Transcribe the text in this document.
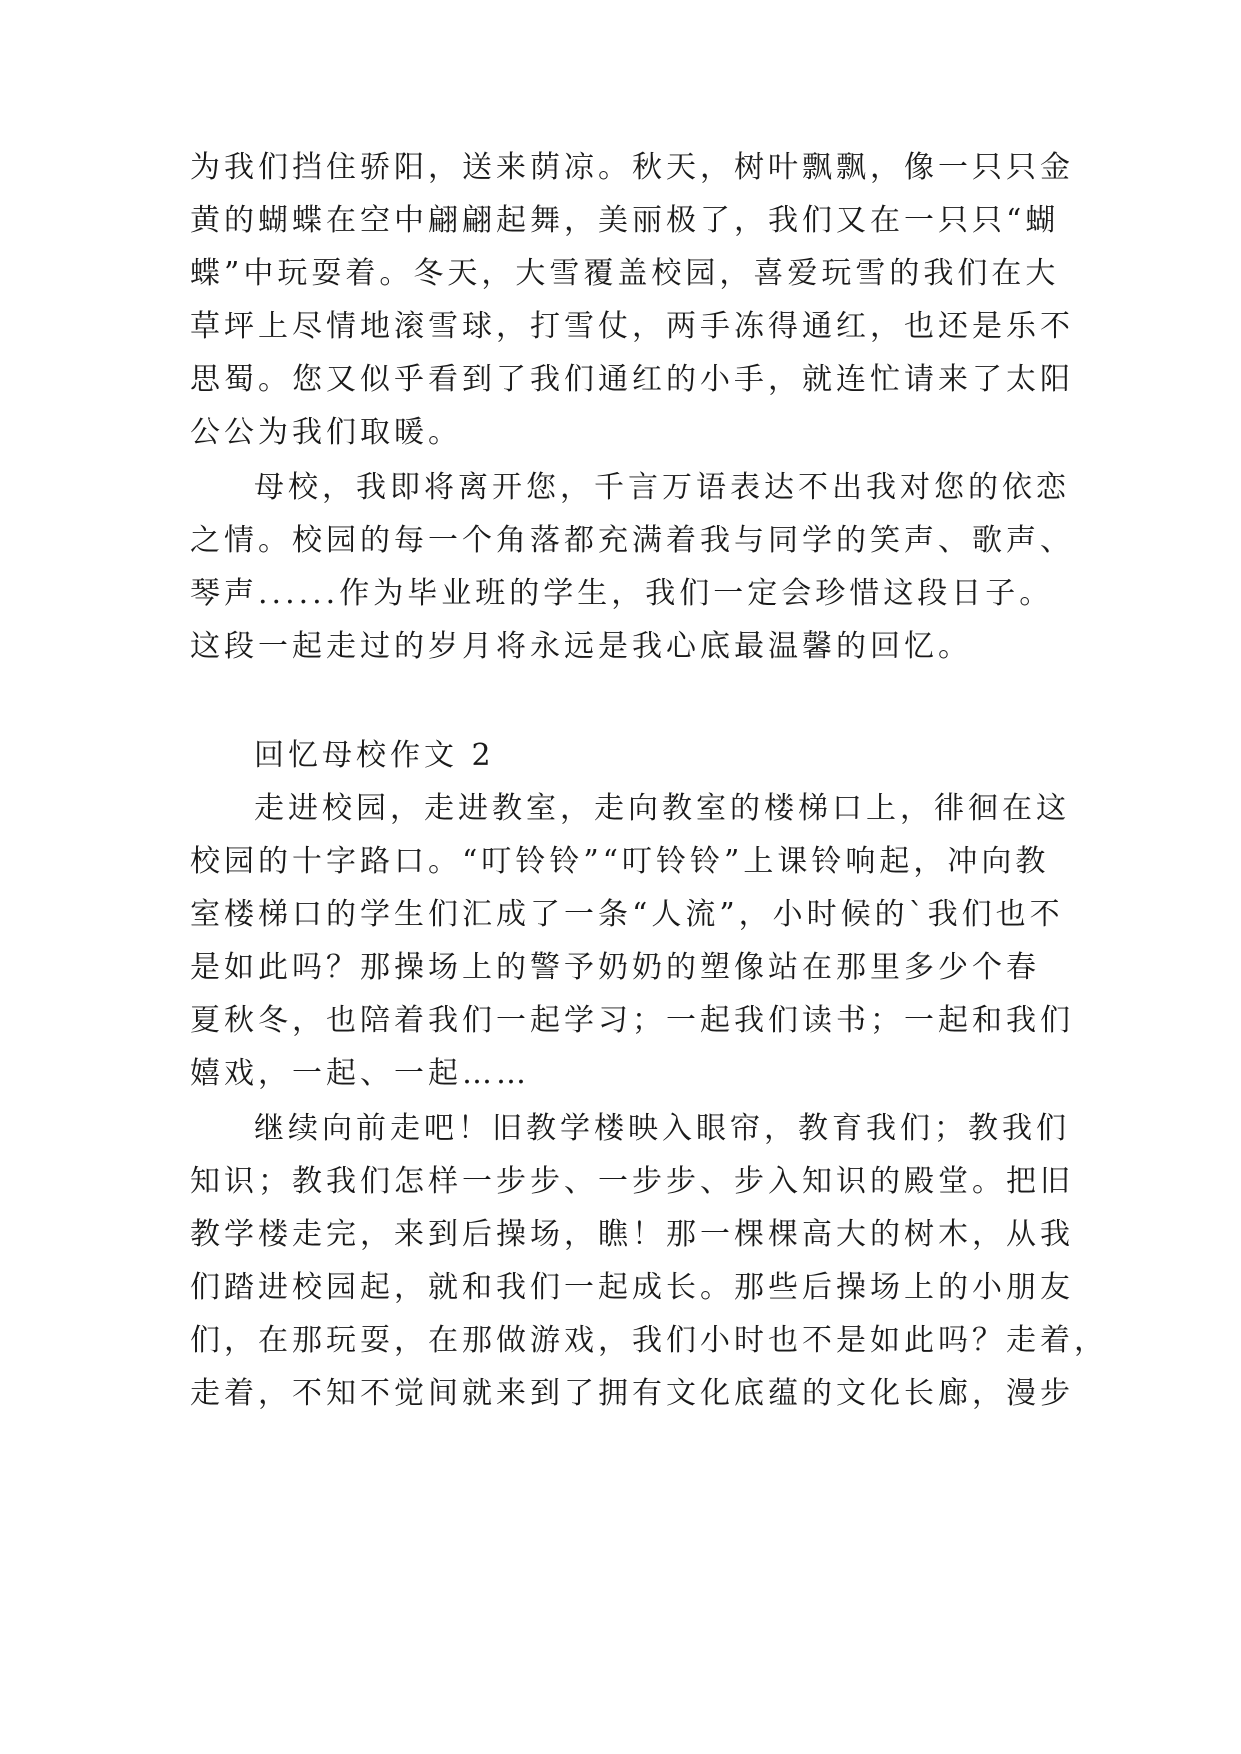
为我们挡住骄阳，送来荫凉。秋天，树叶飘飘，像一只只金
黄的蝴蝶在空中翩翩起舞，美丽极了，我们又在一只只“蝴
蝶”中玩耍着。冬天，大雪覆盖校园，喜爱玩雪的我们在大
草坪上尽情地滚雪球，打雪仗，两手冻得通红，也还是乐不
思蜀。您又似乎看到了我们通红的小手，就连忙请来了太阳
公公为我们取暖。
母校，我即将离开您，千言万语表达不出我对您的依恋
之情。校园的每一个角落都充满着我与同学的笑声、歌声、
琴声......作为毕业班的学生，我们一定会珍惜这段日子。
这段一起走过的岁月将永远是我心底最温馨的回忆。
回忆母校作文 2
走进校园，走进教室，走向教室的楼梯口上，徘徊在这
校园的十字路口。“叮铃铃”“叮铃铃”上课铃响起，冲向教
室楼梯口的学生们汇成了一条“人流”，小时候的`我们也不
是如此吗？那操场上的警予奶奶的塑像站在那里多少个春
夏秋冬，也陪着我们一起学习；一起我们读书；一起和我们
嬉戏，一起、一起……
继续向前走吧！旧教学楼映入眼帘，教育我们；教我们
知识；教我们怎样一步步、一步步、步入知识的殿堂。把旧
教学楼走完，来到后操场，瞧！那一棵棵高大的树木，从我
们踏进校园起，就和我们一起成长。那些后操场上的小朋友
们，在那玩耍，在那做游戏，我们小时也不是如此吗？走着，
走着，不知不觉间就来到了拥有文化底蕴的文化长廊，漫步
